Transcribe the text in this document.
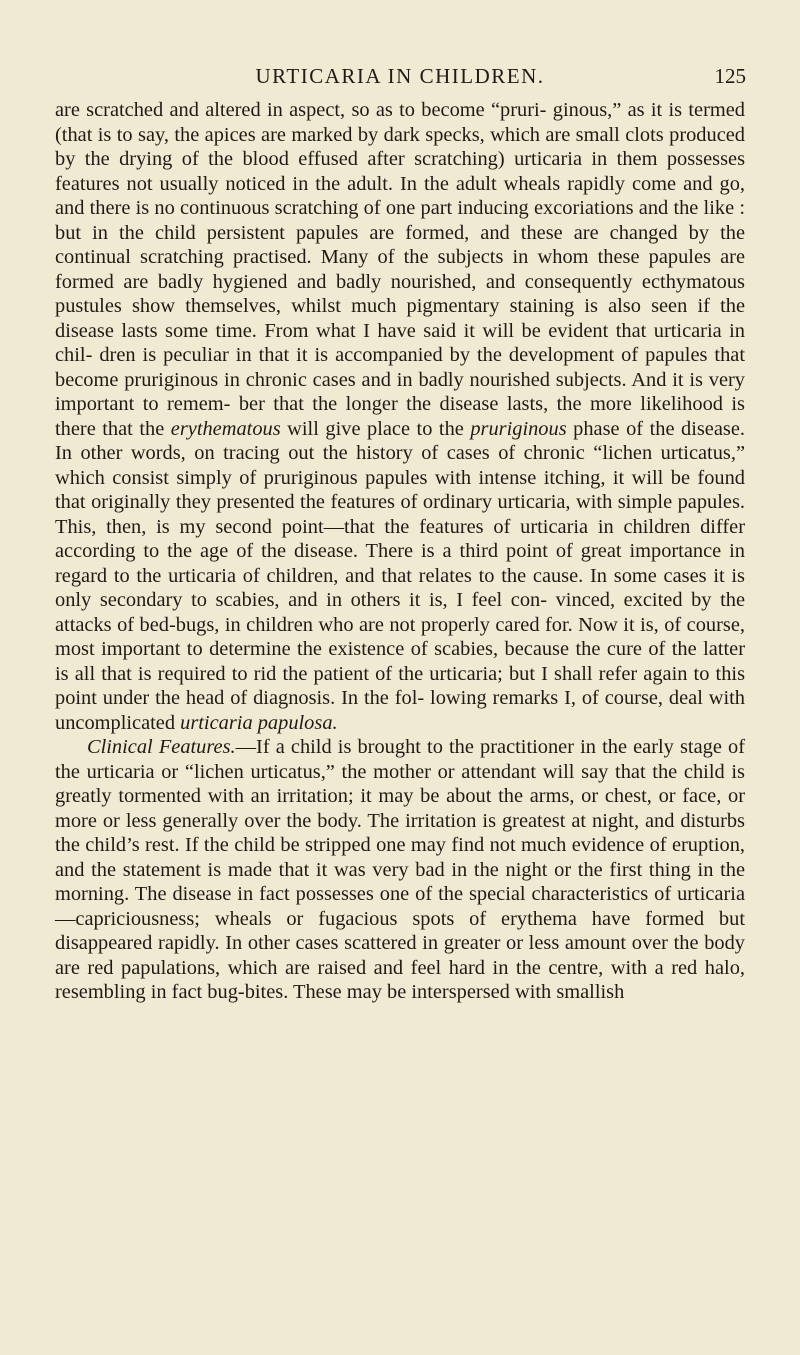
URTICARIA IN CHILDREN.	125

are scratched and altered in aspect, so as to become “pruri- ginous,” as it is termed (that is to say, the apices are marked by dark specks, which are small clots produced by the drying of the blood effused after scratching) urticaria in them possesses features not usually noticed in the adult. In the adult wheals rapidly come and go, and there is no continuous scratching of one part inducing excoriations and the like : but in the child persistent papules are formed, and these are changed by the continual scratching practised. Many of the subjects in whom these papules are formed are badly hygiened and badly nourished, and consequently ecthymatous pustules show themselves, whilst much pigmentary staining is also seen if the disease lasts some time. From what I have said it will be evident that urticaria in chil- dren is peculiar in that it is accompanied by the development of papules that become pruriginous in chronic cases and in badly nourished subjects. And it is very important to remem- ber that the longer the disease lasts, the more likelihood is there that the erythematous will give place to the pruriginous phase of the disease. In other words, on tracing out the history of cases of chronic “lichen urticatus,” which consist simply of pruriginous papules with intense itching, it will be found that originally they presented the features of ordinary urticaria, with simple papules. This, then, is my second point—that the features of urticaria in children differ according to the age of the disease. There is a third point of great importance in regard to the urticaria of children, and that relates to the cause. In some cases it is only secondary to scabies, and in others it is, I feel con- vinced, excited by the attacks of bed-bugs, in children who are not properly cared for. Now it is, of course, most important to determine the existence of scabies, because the cure of the latter is all that is required to rid the patient of the urticaria; but I shall refer again to this point under the head of diagnosis. In the fol- lowing remarks I, of course, deal with uncomplicated urticaria papulosa.

Clinical Features.—If a child is brought to the practitioner in the early stage of the urticaria or “lichen urticatus,” the mother or attendant will say that the child is greatly tormented with an irritation; it may be about the arms, or chest, or face, or more or less generally over the body. The irritation is greatest at night, and disturbs the child’s rest. If the child be stripped one may find not much evidence of eruption, and the statement is made that it was very bad in the night or the first thing in the morning. The disease in fact possesses one of the special characteristics of urticaria—capriciousness; wheals or fugacious spots of erythema have formed but disappeared rapidly. In other cases scattered in greater or less amount over the body are red papulations, which are raised and feel hard in the centre, with a red halo, resembling in fact bug-bites. These may be interspersed with smallish
